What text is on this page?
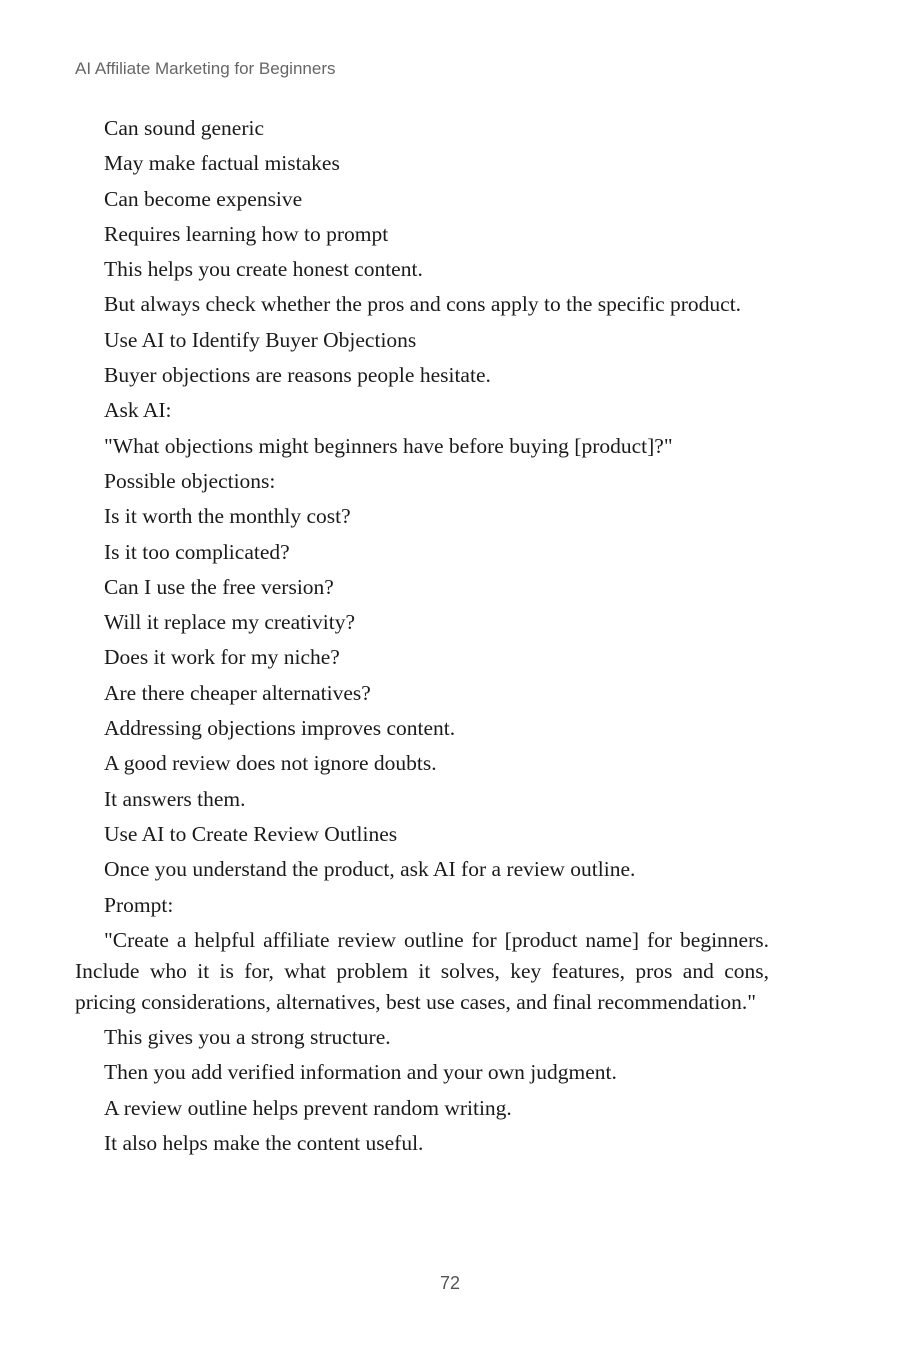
AI Affiliate Marketing for Beginners

Can sound generic

May make factual mistakes

Can become expensive

Requires learning how to prompt

This helps you create honest content.

But always check whether the pros and cons apply to the specific product.

Use AI to Identify Buyer Objections

Buyer objections are reasons people hesitate.

Ask AI:

"What objections might beginners have before buying [product]?"

Possible objections:

Is it worth the monthly cost?

Is it too complicated?

Can I use the free version?

Will it replace my creativity?

Does it work for my niche?

Are there cheaper alternatives?

Addressing objections improves content.

A good review does not ignore doubts.

It answers them.

Use AI to Create Review Outlines

Once you understand the product, ask AI for a review outline.

Prompt:

"Create a helpful affiliate review outline for [product name] for beginners. Include who it is for, what problem it solves, key features, pros and cons, pricing considerations, alternatives, best use cases, and final recommendation."

This gives you a strong structure.

Then you add verified information and your own judgment.

A review outline helps prevent random writing.

It also helps make the content useful.

72
